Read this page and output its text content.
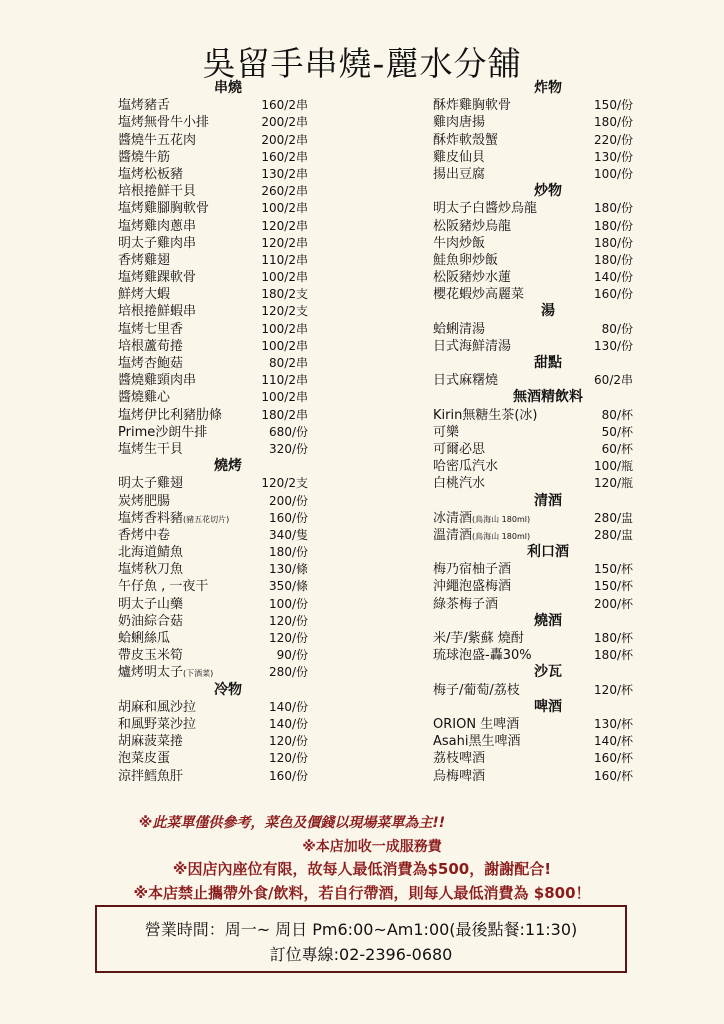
吳留手串燒-麗水分舖
串燒
塩烤豬舌	160/2串
塩烤無骨牛小排	200/2串
醬燒牛五花肉	200/2串
醬燒牛筋	160/2串
塩烤松板豬	130/2串
培根捲鮮干貝	260/2串
塩烤雞腳胸軟骨	100/2串
塩烤雞肉蔥串	120/2串
明太子雞肉串	120/2串
香烤雞翅	110/2串
塩烤雞踝軟骨	100/2串
鮮烤大蝦	180/2支
培根捲鮮蝦串	120/2支
塩烤七里香	100/2串
培根蘆荀捲	100/2串
塩烤杏鮑菇	80/2串
醬燒雞頸肉串	110/2串
醬燒雞心	100/2串
塩烤伊比利豬肋條	180/2串
Prime沙朗牛排	680/份
塩烤生干貝	320/份
燒烤
明太子雞翅	120/2支
炭烤肥腸	200/份
塩烤香料豬(豬五花切片)	160/份
香烤中卷	340/隻
北海道鯖魚	180/份
塩烤秋刀魚	130/條
午仔魚 , 一夜干	350/條
明太子山藥	100/份
奶油綜合菇	120/份
蛤蜊絲瓜	120/份
帶皮玉米筍	90/份
爐烤明太子(下酒菜)	280/份
冷物
胡麻和風沙拉	140/份
和風野菜沙拉	140/份
胡麻菠菜捲	120/份
泡菜皮蛋	120/份
涼拌鱈魚肝	160/份
炸物
酥炸雞胸軟骨	150/份
雞肉唐揚	180/份
酥炸軟殼蟹	220/份
雞皮仙貝	130/份
揚出豆腐	100/份
炒物
明太子白醬炒烏龍	180/份
松阪豬炒烏龍	180/份
牛肉炒飯	180/份
鮭魚卵炒飯	180/份
松阪豬炒水蓮	140/份
櫻花蝦炒高麗菜	160/份
湯
蛤蜊清湯	80/份
日式海鮮清湯	130/份
甜點
日式麻糬燒	60/2串
無酒精飲料
Kirin無糖生茶(冰)	80/杯
可樂	50/杯
可爾必思	60/杯
哈密瓜汽水	100/瓶
白桃汽水	120/瓶
清酒
冰清酒(鳥海山 180ml)	280/盅
溫清酒(鳥海山 180ml)	280/盅
利口酒
梅乃宿柚子酒	150/杯
沖繩泡盛梅酒	150/杯
綠茶梅子酒	200/杯
燒酒
米/芋/紫蘇 燒酎	180/杯
琉球泡盛-轟30%	180/杯
沙瓦
梅子/葡萄/荔枝	120/杯
啤酒
ORION 生啤酒	130/杯
Asahi黑生啤酒	140/杯
荔枝啤酒	160/杯
烏梅啤酒	160/杯
※此菜單僅供參考，菜色及價錢以現場菜單為主!!
※本店加收一成服務費
※因店內座位有限，故每人最低消費為$500，謝謝配合!
※本店禁止攜帶外食/飲料，若自行帶酒，則每人最低消費為 $800！
營業時間：周一~ 周日 Pm6:00~Am1:00(最後點餐:11:30)
訂位專線:02-2396-0680
